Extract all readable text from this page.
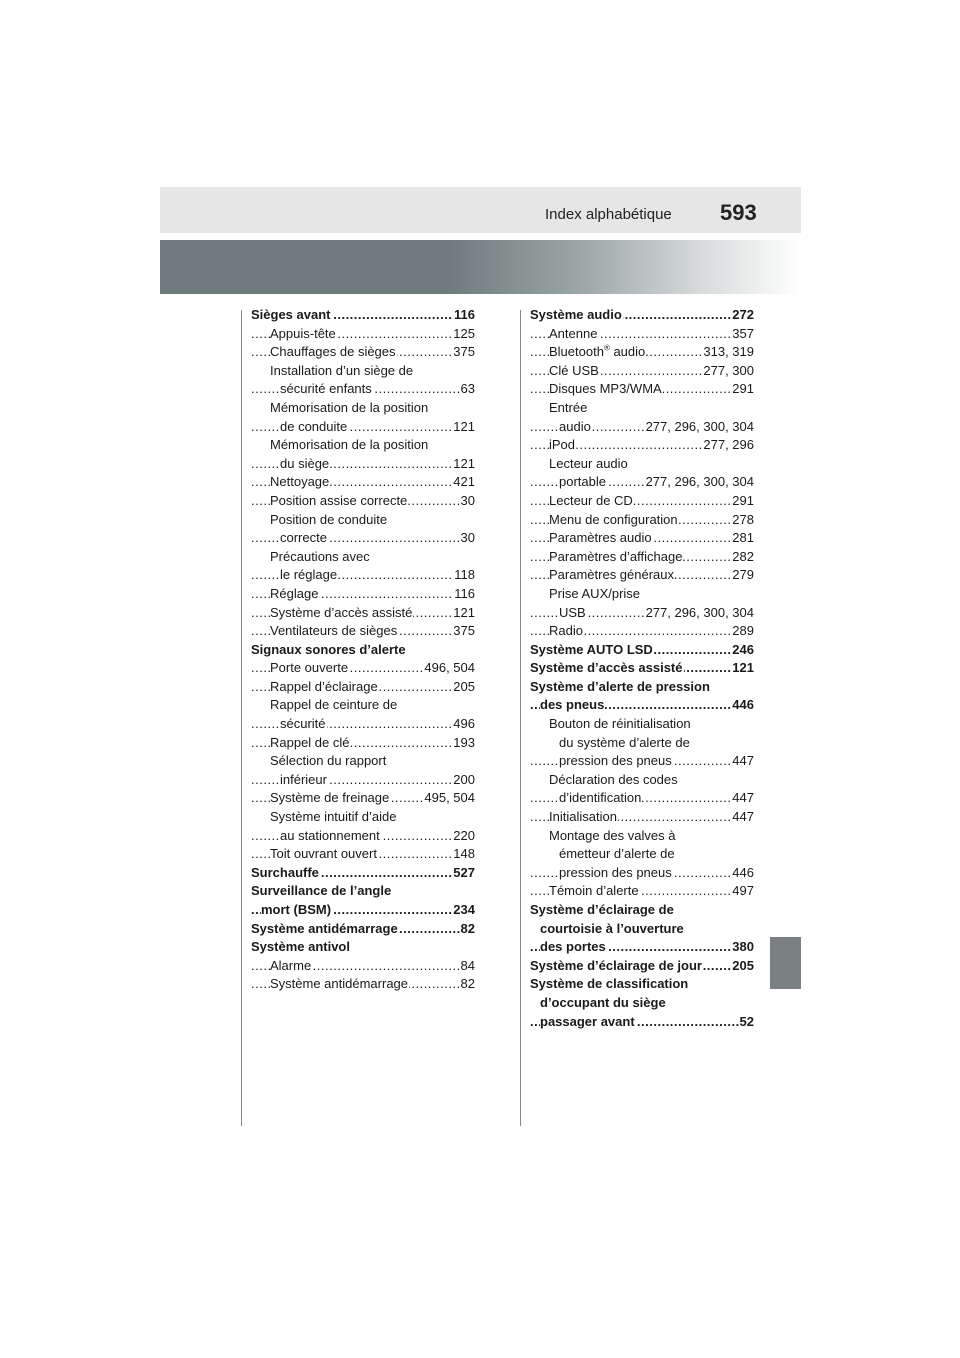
Index alphabétique 593
Sièges avant	116
.....
Appuis-tête	125
.....
Chauffages de sièges	375
.....
Installation d’un siège de
sécurité enfants	63
.....
Mémorisation de la position
de conduite	121
.....
Mémorisation de la position
du siège	121
.....
Nettoyage	421
.....
Position assise correcte	30
.....
Position de conduite
correcte	30
.....
Précautions avec
le réglage	118
.....
Réglage	116
.....
Système d’accès assisté	121
.....
Ventilateurs de sièges	375
.....
Signaux sonores d’alerte
Porte ouverte	496, 504
.....
Rappel d’éclairage	205
.....
Rappel de ceinture de
sécurité	496
.....
Rappel de clé	193
.....
Sélection du rapport
inférieur	200
.....
Système de freinage	495, 504
.....
Système intuitif d’aide
au stationnement	220
.....
Toit ouvrant ouvert	148
.....
Surchauffe	527
.....
Surveillance de l’angle
mort (BSM)	234
.....
Système antidémarrage	82
.....
Système antivol
Alarme	84
.....
Système antidémarrage	82
.....
Système audio	272
.....
Antenne	357
.....
Bluetooth® audio	313, 319
.....
Clé USB	277, 300
.....
Disques MP3/WMA	291
.....
Entrée
audio	277, 296, 300, 304
.....
iPod	277, 296
.....
Lecteur audio
portable	277, 296, 300, 304
.....
Lecteur de CD	291
.....
Menu de configuration	278
.....
Paramètres audio	281
.....
Paramètres d’affichage	282
.....
Paramètres généraux	279
.....
Prise AUX/prise
USB	277, 296, 300, 304
.....
Radio	289
.....
Système AUTO LSD	246
.....
Système d’accès assisté	121
.....
Système d’alerte de pression
des pneus	446
.....
Bouton de réinitialisation
du système d’alerte de
pression des pneus	447
.....
Déclaration des codes
d’identification	447
.....
Initialisation	447
.....
Montage des valves à
émetteur d’alerte de
pression des pneus	446
.....
Témoin d’alerte	497
.....
Système d’éclairage de
courtoisie à l’ouverture
des portes	380
.....
Système d’éclairage de jour 205
.....
Système de classification
d’occupant du siège
passager avant	52
.....
